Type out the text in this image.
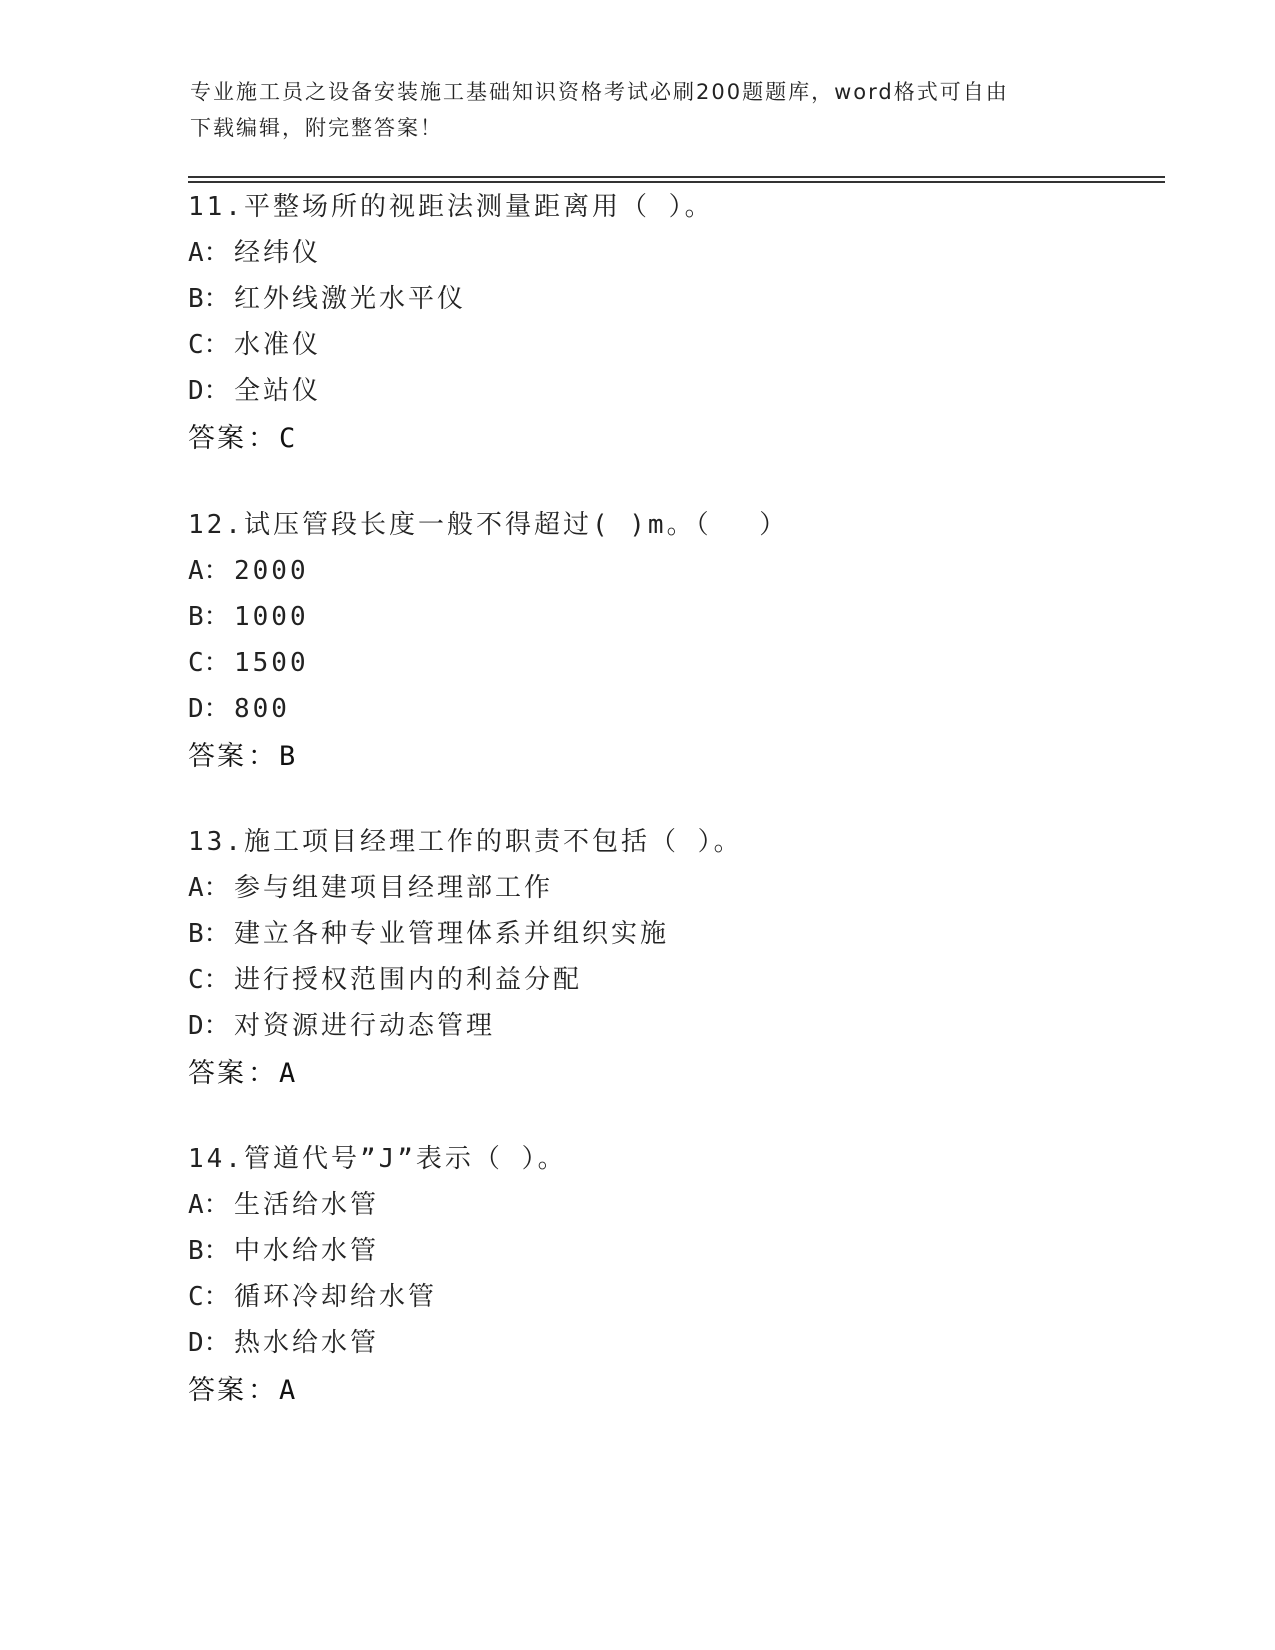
专业施工员之设备安装施工基础知识资格考试必刷200题题库，word格式可自由
下载编辑，附完整答案！
11.平整场所的视距法测量距离用（ ）。
A： 经纬仪
B： 红外线激光水平仪
C： 水准仪
D： 全站仪
答案 ： C
12.试压管段长度一般不得超过( )m。（　 ）
A： 2000
B： 1000
C： 1500
D： 800
答案 ： B
13.施工项目经理工作的职责不包括（ ）。
A： 参与组建项目经理部工作
B： 建立各种专业管理体系并组织实施
C： 进行授权范围内的利益分配
D： 对资源进行动态管理
答案 ： A
14.管道代号”J”表示（ ）。
A： 生活给水管
B： 中水给水管
C： 循环冷却给水管
D： 热水给水管
答案 ： A
